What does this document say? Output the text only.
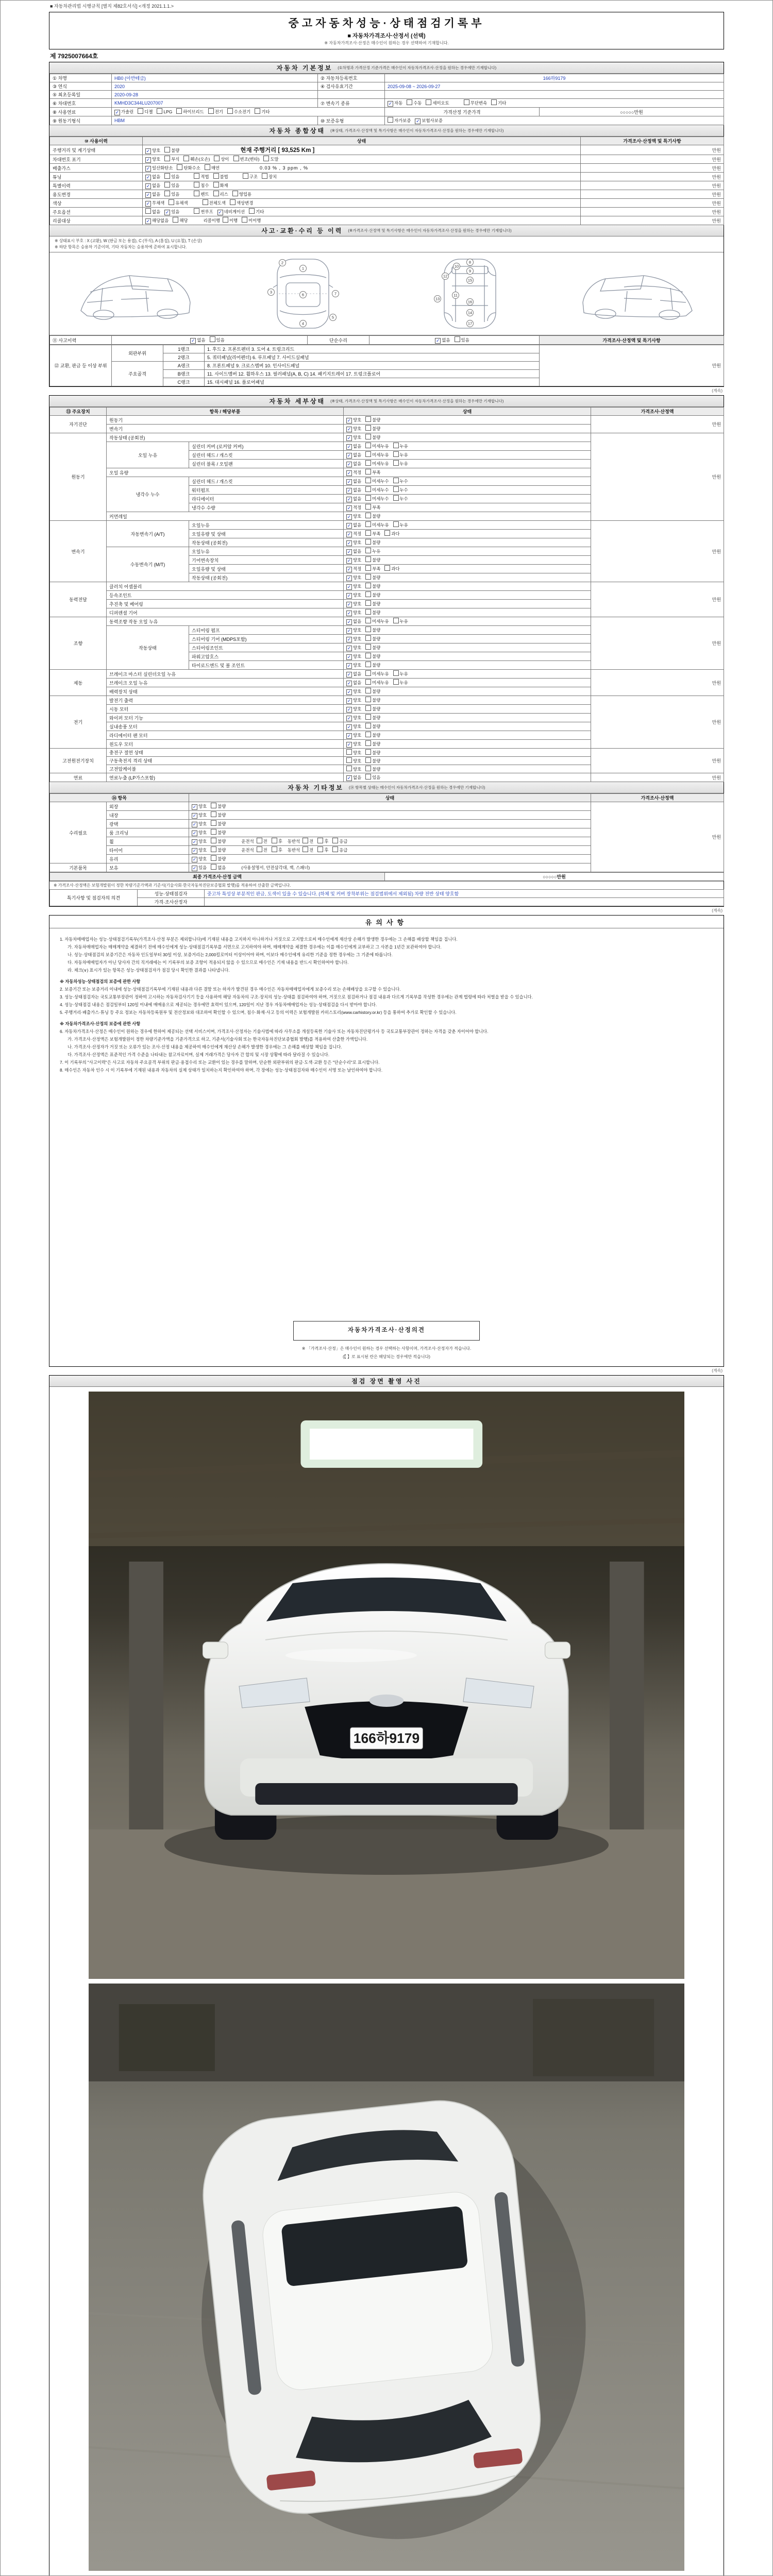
■ 자동차관리법 시행규칙 [별지 제82호서식] <개정 2021.1.1.>
중고자동차성능·상태점검기록부
■ 자동차가격조사·산정서 (선택)
※ 자동차가격조사·산정은 매수인이 원하는 경우 선택하여 기재합니다.
제 7925007664호
자동차 기본정보 (①차명과 가격산정 기준가격은 매수인이 자동차가격조사·산정을 원하는 경우에만 기재합니다)
① 차명	HB0 (아반떼급)	② 자동차등록번호	166하9179	
③ 연식	2020	④ 검사유효기간	2025-09-08 ~ 2026-09-27	
⑤ 최초등록일	2020-09-28			
⑥ 차대번호	KMHD3C344LU207007	⑦ 변속기 종류	✓ 자동 수동 세미오토 무단변속 기타	
⑧ 사용연료	✓ 가솔린 디젤 LPG 하이브리드 전기 수소전기 기타		가격산정 기준가격	○○○○○만원
⑨ 원동기형식	HBM	⑩ 보증유형	자가보증 ✓ 보험사보증	
자동차 종합상태 (※상태, 가격조사·산정액 및 특기사항은 매수인이 자동차가격조사·산정을 원하는 경우에만 기재합니다)
⑩ 사용이력	상태	가격조사·산정액 및 특기사항
주행거리 및 계기상태	✓ 양호 불량 현재 주행거리 [ 93,525 Km ]	만원
차대번호 표기	✓ 양호 부식 훼손(오손) 상이 변조(변타) 도말	만원
배출가스	✓ 일산화탄소 탄화수소 매연 0.03 % , 3 ppm , %	만원
튜닝	✓ 없음 있음 적법 불법 구조 장치	만원
특별이력	✓ 없음 있음 침수 화재	만원
용도변경	✓ 없음 있음 렌트 리스 영업용	만원
색상	✓ 무채색 유채색 전체도색 색상변경	만원
주요옵션	없음 ✓ 있음 썬루프 ✓ 네비게이션 기타	만원
리콜대상	✓ 해당없음 해당 리콜이행 이행 미이행	만원
사고·교환·수리 등 이력 (※가격조사·산정액 및 특기사항은 매수인이 자동차가격조사·산정을 원하는 경우에만 기재합니다)
※ 상태표시 부호 : X (교환), W (판금 또는 용접), C (부식), A (흠집), U (요철), T (손상)
※ 하단 항목은 승용차 기준이며, 기타 자동차는 승용차에 준하여 표시합니다.
1
2
3
4
5
6	7
8
9
10
11
12
13
14
15
16
17
⑪ 사고이력	✓ 없음	있음	단순수리	✓ 없음	있음	가격조사·산정액 및 특기사항
⑫ 교환, 판금 등 이상 부위	외판부위	1랭크	1. 후드 2. 프론트펜더 3. 도어 4. 트렁크리드	만원
		2랭크	5. 쿼터패널(리어펜더) 6. 루프패널 7. 사이드실패널	
	주요골격	A랭크	8. 프론트패널 9. 크로스멤버 10. 인사이드패널	
		B랭크	11. 사이드멤버 12. 휠하우스 13. 필러패널(A, B, C) 14. 패키지트레이 17. 트렁크플로어	
		C랭크	15. 대시패널 16. 플로어패널	
(계속)
자동차 세부상태 (※상태, 가격조사·산정액 및 특기사항은 매수인이 자동차가격조사·산정을 원하는 경우에만 기재합니다)
⑬ 주요장치	항목 / 해당부품		상태	가격조사·산정액
자기진단	원동기		✓ 양호 불량	만원
	변속기		✓ 양호 불량	
원동기	작동상태 (공회전)		✓ 양호 불량	만원
	오일 누유	실린더 커버 (로커암 커버)	✓ 없음 미세누유 누유	
		실린더 헤드 / 개스킷	✓ 없음 미세누유 누유	
		실린더 블록 / 오일팬	✓ 없음 미세누유 누유	
	오일 유량		✓ 적정 부족	
	냉각수 누수	실린더 헤드 / 개스킷	✓ 없음 미세누수 누수	
		워터펌프	✓ 없음 미세누수 누수	
		라디에이터	✓ 없음 미세누수 누수	
		냉각수 수량	✓ 적정 부족	
	커먼레일		✓ 양호 불량	
변속기	자동변속기 (A/T)	오일누유	✓ 없음 미세누유 누유	만원
		오일유량 및 상태	✓ 적정 부족 과다	
		작동상태 (공회전)	✓ 양호 불량	
	수동변속기 (M/T)	오일누유	✓ 없음 누유	
		기어변속장치	✓ 양호 불량	
		오일유량 및 상태	✓ 적정 부족 과다	
		작동상태 (공회전)	✓ 양호 불량	
동력전달	클러치 어셈블리		✓ 양호 불량	만원
	등속조인트		✓ 양호 불량	
	추진축 및 베어링		✓ 양호 불량	
	디퍼렌셜 기어		✓ 양호 불량	
조향	동력조향 작동 오일 누유		✓ 없음 미세누유 누유	만원
	작동상태	스티어링 펌프	✓ 양호 불량	
		스티어링 기어 (MDPS포함)	✓ 양호 불량	
		스티어링조인트	✓ 양호 불량	
		파워고압호스	✓ 양호 불량	
		타이로드엔드 및 볼 조인트	✓ 양호 불량	
제동	브레이크 마스터 실린더오일 누유		✓ 없음 미세누유 누유	만원
	브레이크 오일 누유		✓ 없음 미세누유 누유	
	배력장치 상태		✓ 양호 불량	
전기	발전기 출력		✓ 양호 불량	만원
	시동 모터		✓ 양호 불량	
	와이퍼 모터 기능		✓ 양호 불량	
	실내송풍 모터		✓ 양호 불량	
	라디에이터 팬 모터		✓ 양호 불량	
	윈도우 모터		✓ 양호 불량	
고전원전기장치	충전구 절연 상태		양호 불량	만원
	구동축전지 격리 상태		양호 불량	
	고전압케이블		양호 불량	
연료	연료누출 (LP가스포함)		✓ 없음 있음	만원
자동차 기타정보 (⑭ 항목별 상태는 매수인이 자동차가격조사·산정을 원하는 경우에만 기재합니다)
⑭ 항목		상태	가격조사·산정액
수리필요	외장	✓ 양호 불량	만원
	내장	✓ 양호 불량	
	광택	✓ 양호 불량	
	룸 크리닝	✓ 양호 불량	
	휠	✓ 양호 불량 운전석 전 후 동반석 전 후 응급	
	타이어	✓ 양호 불량 운전석 전 후 동반석 전 후 응급	
	유리	✓ 양호 불량	
기본품목	보유	✓ 있음 없음 (사용설명서, 안전삼각대, 잭, 스패너)	
최종 가격조사·산정 금액	○○○○○만원
※ 가격조사·산정액은 보험개발원이 정한 차량기준가액과 기준서(기술사회·한국자동차진단보증협회 발행)를 적용하여 산출한 금액입니다.
특기사항 및 점검자의 의견	성능·상태점검자	중고차 특성상 부분적인 판금, 도색이 있을 수 있습니다. (하체 및 커버 장착부위는 점검범위에서 제외됨) 차량 전반 상태 양호함
	가격·조사산정자	
(계속)
유의사항
1. 자동차매매업자는 성능·상태점검기록부(가격조사·산정 부분은 제외합니다)에 기재된 내용을 고지하지 아니하거나 거짓으로 고지함으로써 매수인에게 재산상 손해가 발생한 경우에는 그 손해를 배상할 책임을 집니다.
가. 자동차매매업자는 매매계약을 체결하기 전에 매수인에게 성능·상태점검기록부를 서면으로 고지하여야 하며, 매매계약을 체결한 경우에는 이를 매수인에게 교부하고 그 사본을 1년간 보관하여야 합니다.
나. 성능·상태점검의 보증기간은 자동차 인도일부터 30일 이상, 보증거리는 2,000킬로미터 이상이어야 하며, 이보다 매수인에게 유리한 기준을 정한 경우에는 그 기준에 따릅니다.
다. 자동차매매업자가 아닌 당사자 간의 직거래에는 이 기록부의 보증 조항이 적용되지 않을 수 있으므로 매수인은 기재 내용을 반드시 확인하여야 합니다.
라. 체크(∨) 표시가 있는 항목은 성능·상태점검자가 점검 당시 확인한 결과를 나타냅니다.
※ 자동차성능·상태점검의 보증에 관한 사항
2. 보증기간 또는 보증거리 이내에 성능·상태점검기록부에 기재된 내용과 다른 결함 또는 하자가 발견된 경우 매수인은 자동차매매업자에게 보증수리 또는 손해배상을 요구할 수 있습니다.
3. 성능·상태점검자는 국토교통부장관이 정하여 고시하는 자동차검사기기 등을 사용하여 해당 자동차의 구조·장치의 성능·상태를 점검하여야 하며, 거짓으로 점검하거나 점검 내용과 다르게 기록부를 작성한 경우에는 관계 법령에 따라 처벌을 받을 수 있습니다.
4. 성능·상태점검 내용은 점검일부터 120일 이내에 매매용으로 제공되는 경우에만 효력이 있으며, 120일이 지난 경우 자동차매매업자는 성능·상태점검을 다시 받아야 합니다.
5. 주행거리·배출가스·튜닝 등 주요 정보는 자동차등록원부 및 전산정보와 대조하여 확인할 수 있으며, 침수·화재·사고 등의 이력은 보험개발원 카히스토리(www.carhistory.or.kr) 등을 통하여 추가로 확인할 수 있습니다.
※ 자동차가격조사·산정의 보증에 관한 사항
6. 자동차가격조사·산정은 매수인이 원하는 경우에 한하여 제공되는 선택 서비스이며, 가격조사·산정자는 기술사법에 따라 사무소를 개설등록한 기술사 또는 자동차진단평가사 등 국토교통부장관이 정하는 자격을 갖춘 자이어야 합니다.
가. 가격조사·산정액은 보험개발원이 정한 차량기준가액을 기준가격으로 하고, 기준서(기술사회 또는 한국자동차진단보증협회 발행)를 적용하여 산출한 가액입니다.
나. 가격조사·산정자가 거짓 또는 오류가 있는 조사·산정 내용을 제공하여 매수인에게 재산상 손해가 발생한 경우에는 그 손해를 배상할 책임을 집니다.
다. 가격조사·산정액은 표준적인 가격 수준을 나타내는 참고자료이며, 실제 거래가격은 당사자 간 합의 및 시장 상황에 따라 달라질 수 있습니다.
7. 이 기록부의 "사고이력"은 사고로 자동차 주요골격 부위의 판금·용접수리 또는 교환이 있는 경우를 말하며, 단순한 외판부위의 판금·도색·교환 등은 "단순수리"로 표시합니다.
8. 매수인은 자동차 인수 시 이 기록부에 기재된 내용과 자동차의 실제 상태가 일치하는지 확인하여야 하며, 각 장에는 성능·상태점검자와 매수인이 서명 또는 날인하여야 합니다.
자동차가격조사·산정의견
※ 「가격조사·산정」은 매수인이 원하는 경우 선택하는 사항이며, 가격조사·산정자가 적습니다.
(【 】로 표시된 란은 해당되는 경우에만 적습니다)
(계속)
점검 장면 촬영 사진
166하9179
